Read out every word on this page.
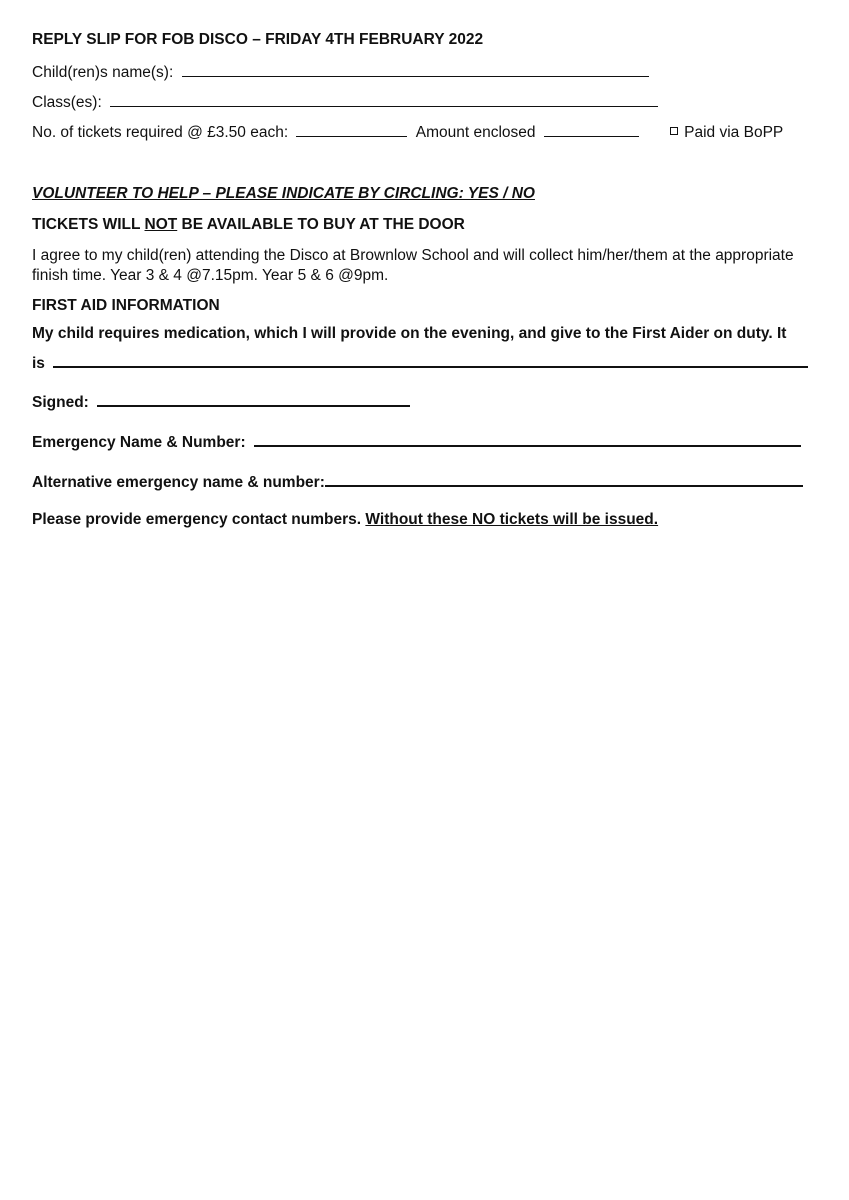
REPLY SLIP FOR FOB DISCO – FRIDAY 4TH FEBRUARY 2022
Child(ren)s name(s):
Class(es):
No. of tickets required @ £3.50 each:	Amount enclosed	Paid via BoPP
VOLUNTEER TO HELP – PLEASE INDICATE BY CIRCLING: YES / NO
TICKETS WILL NOT BE AVAILABLE TO BUY AT THE DOOR
I agree to my child(ren) attending the Disco at Brownlow School and will collect him/her/them at the appropriate finish time. Year 3 & 4 @7.15pm. Year 5 & 6 @9pm.
FIRST AID INFORMATION
My child requires medication, which I will provide on the evening, and give to the First Aider on duty. It
is
Signed:
Emergency Name & Number:
Alternative emergency name & number:
Please provide emergency contact numbers. Without these NO tickets will be issued.
